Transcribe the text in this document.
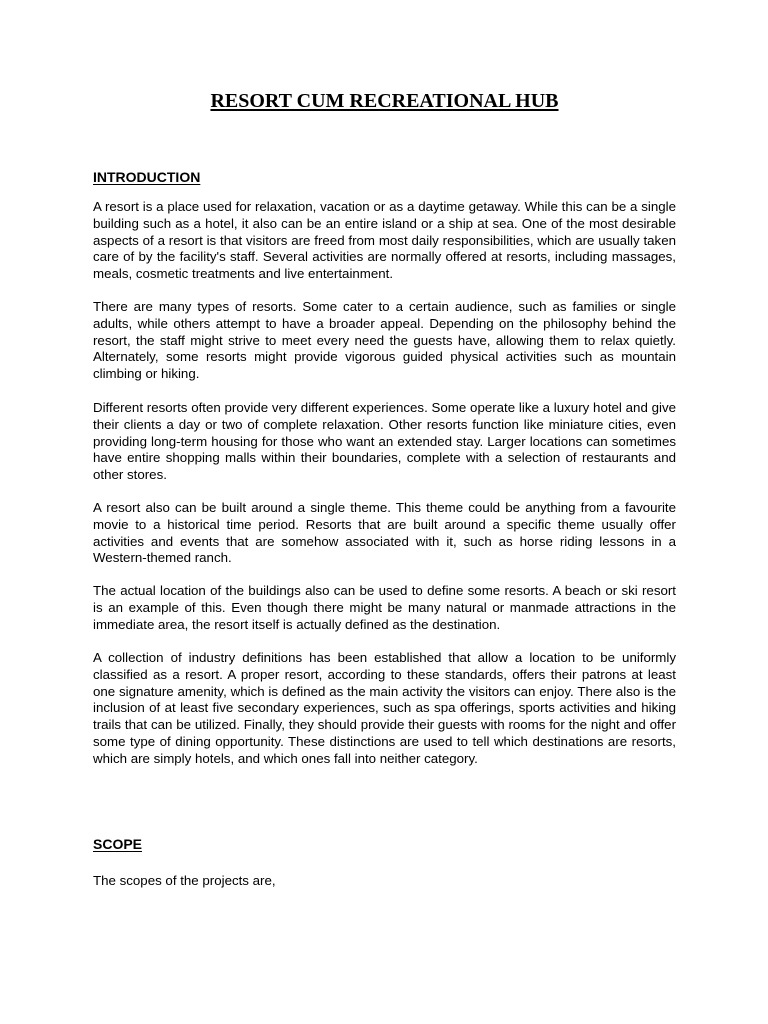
RESORT CUM RECREATIONAL HUB
INTRODUCTION

A resort is a place used for relaxation, vacation or as a daytime getaway. While this can be a single building such as a hotel, it also can be an entire island or a ship at sea. One of the most desirable aspects of a resort is that visitors are freed from most daily responsibilities, which are usually taken care of by the facility's staff. Several activities are normally offered at resorts, including massages, meals, cosmetic treatments and live entertainment.

There are many types of resorts. Some cater to a certain audience, such as families or single adults, while others attempt to have a broader appeal. Depending on the philosophy behind the resort, the staff might strive to meet every need the guests have, allowing them to relax quietly. Alternately, some resorts might provide vigorous guided physical activities such as mountain climbing or hiking.

Different resorts often provide very different experiences. Some operate like a luxury hotel and give their clients a day or two of complete relaxation. Other resorts function like miniature cities, even providing long-term housing for those who want an extended stay. Larger locations can sometimes have entire shopping malls within their boundaries, complete with a selection of restaurants and other stores.

A resort also can be built around a single theme. This theme could be anything from a favourite movie to a historical time period. Resorts that are built around a specific theme usually offer activities and events that are somehow associated with it, such as horse riding lessons in a Western-themed ranch.

The actual location of the buildings also can be used to define some resorts. A beach or ski resort is an example of this. Even though there might be many natural or manmade attractions in the immediate area, the resort itself is actually defined as the destination.

A collection of industry definitions has been established that allow a location to be uniformly classified as a resort. A proper resort, according to these standards, offers their patrons at least one signature amenity, which is defined as the main activity the visitors can enjoy. There also is the inclusion of at least five secondary experiences, such as spa offerings, sports activities and hiking trails that can be utilized. Finally, they should provide their guests with rooms for the night and offer some type of dining opportunity. These distinctions are used to tell which destinations are resorts, which are simply hotels, and which ones fall into neither category.

SCOPE

The scopes of the projects are,
